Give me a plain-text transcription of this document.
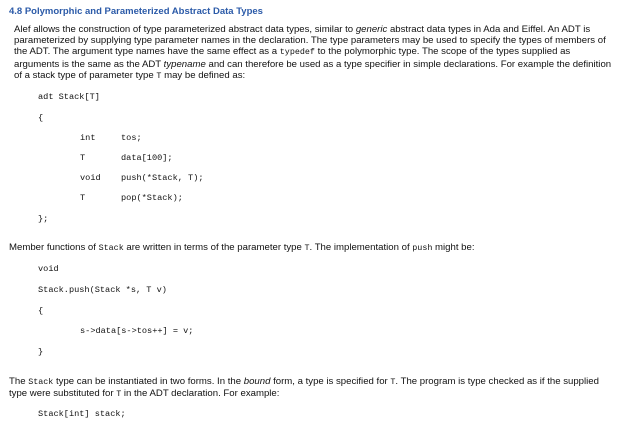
4.8 Polymorphic and Parameterized Abstract Data Types
Alef allows the construction of type parameterized abstract data types, similar to generic abstract data types in Ada and Eiffel. An ADT is parameterized by supplying type parameter names in the declaration. The type parameters may be used to specify the types of members of the ADT. The argument type names have the same effect as a typedef to the polymorphic type. The scope of the types supplied as arguments is the same as the ADT typename and can therefore be used as a type specifier in simple declarations. For example the definition of a stack type of parameter type T may be defined as:
adt Stack[T]
{
int	tos;
T	data[100];
void push(*Stack, T);
T	pop(*Stack);
};
Member functions of Stack are written in terms of the parameter type T. The implementation of push might be:
void
Stack.push(Stack *s, T v)
{
s->data[s->tos++] = v;
}
The Stack type can be instantiated in two forms. In the bound form, a type is specified for T. The program is type checked as if the supplied type were substituted for T in the ADT declaration. For example:
Stack[int] stack;
